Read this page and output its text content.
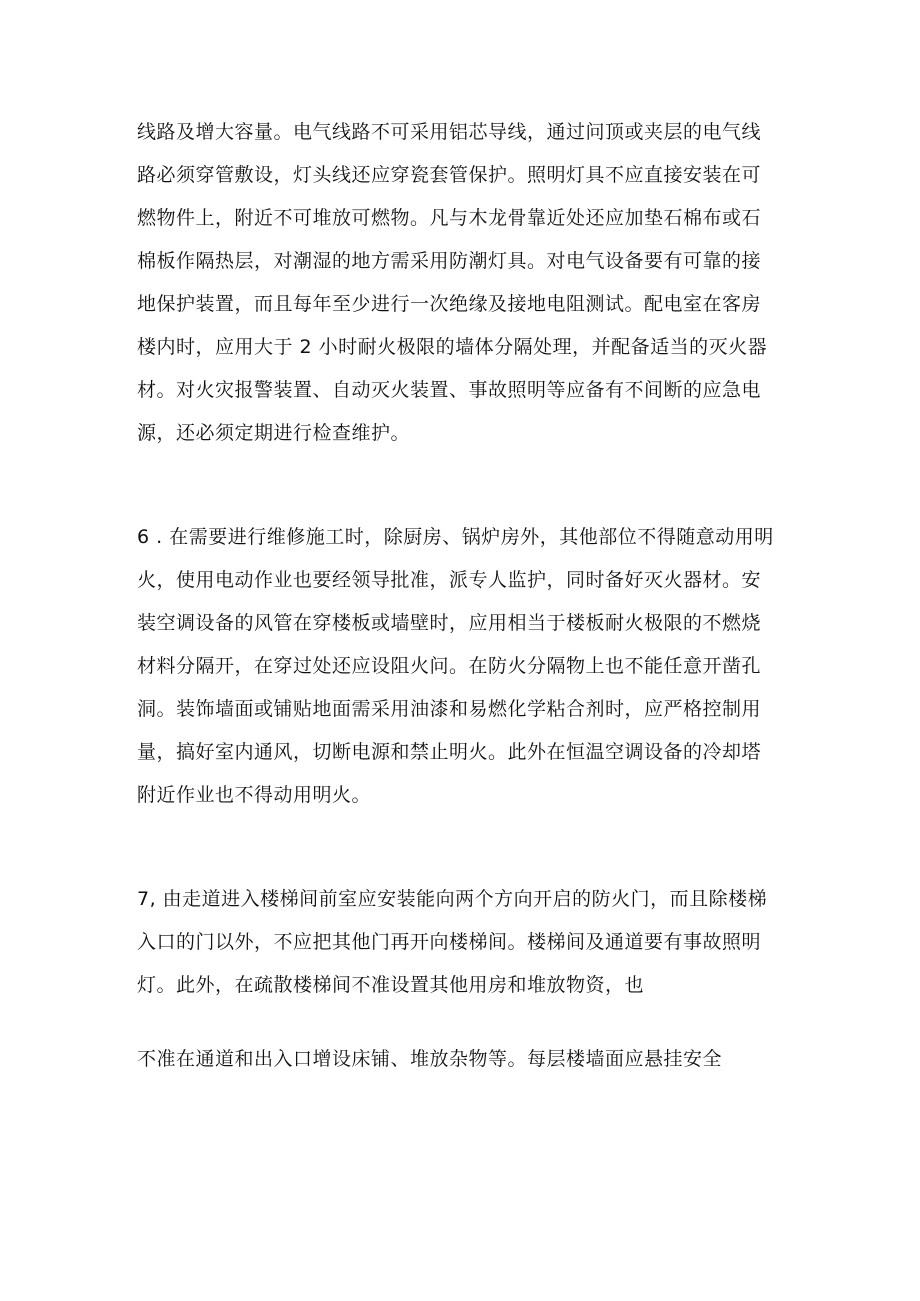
线路及增大容量。电气线路不可采用铝芯导线，通过问顶或夹层的电气线
路必须穿管敷设，灯头线还应穿瓷套管保护。照明灯具不应直接安装在可
燃物件上，附近不可堆放可燃物。凡与木龙骨靠近处还应加垫石棉布或石
棉板作隔热层，对潮湿的地方需采用防潮灯具。对电气设备要有可靠的接
地保护装置，而且每年至少进行一次绝缘及接地电阻测试。配电室在客房
楼内时，应用大于 2 小时耐火极限的墙体分隔处理，并配备适当的灭火器
材。对火灾报警装置、自动灭火装置、事故照明等应备有不间断的应急电
源，还必须定期进行检查维护。
6 . 在需要进行维修施工时，除厨房、锅炉房外，其他部位不得随意动用明
火，使用电动作业也要经领导批准，派专人监护，同时备好灭火器材。安
装空调设备的风管在穿楼板或墙壁时，应用相当于楼板耐火极限的不燃烧
材料分隔开，在穿过处还应设阻火问。在防火分隔物上也不能任意开凿孔
洞。装饰墙面或铺贴地面需采用油漆和易燃化学粘合剂时，应严格控制用
量，搞好室内通风，切断电源和禁止明火。此外在恒温空调设备的冷却塔
附近作业也不得动用明火。
7, 由走道进入楼梯间前室应安装能向两个方向开启的防火门，而且除楼梯
入口的门以外，不应把其他门再开向楼梯间。楼梯间及通道要有事故照明
灯。此外，在疏散楼梯间不准设置其他用房和堆放物资，也
不准在通道和出入口增设床铺、堆放杂物等。每层楼墙面应悬挂安全
